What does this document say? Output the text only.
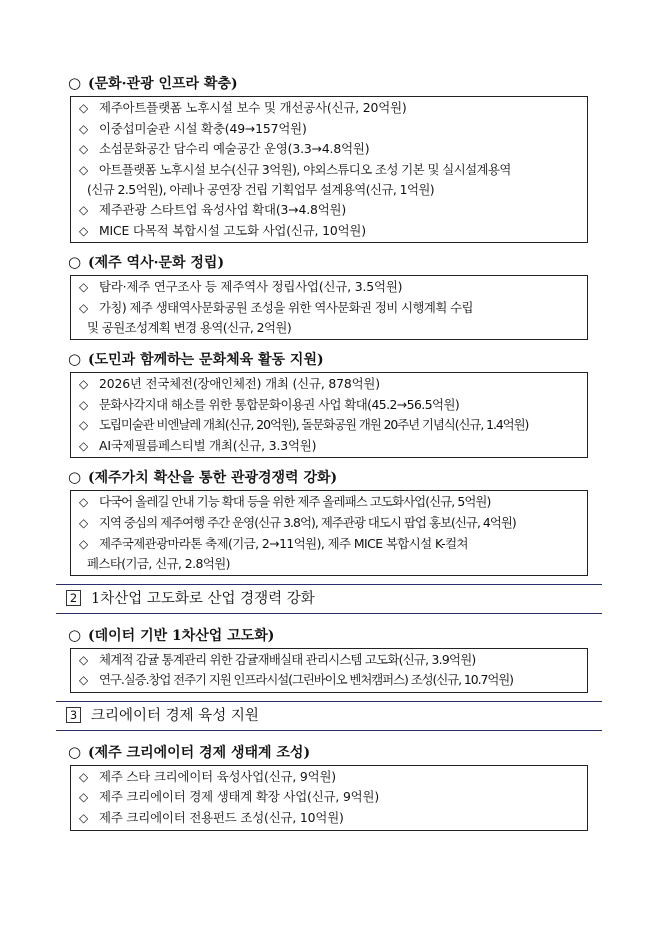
○ (문화·관광 인프라 확충)
◇ 제주아트플랫폼 노후시설 보수 및 개선공사(신규, 20억원)
◇ 이중섭미술관 시설 확충(49→157억원)
◇ 소섬문화공간 담수리 예술공간 운영(3.3→4.8억원)
◇ 아트플랫폼 노후시설 보수(신규 3억원), 야외스튜디오 조성 기본 및 실시설계용역
(신규 2.5억원), 아레나 공연장 건립 기획업무 설계용역(신규, 1억원)
◇ 제주관광 스타트업 육성사업 확대(3→4.8억원)
◇ MICE 다목적 복합시설 고도화 사업(신규, 10억원)
○ (제주 역사·문화 정립)
◇ 탐라·제주 연구조사 등 제주역사 정립사업(신규, 3.5억원)
◇ 가칭) 제주 생태역사문화공원 조성을 위한 역사문화권 정비 시행계획 수립
및 공원조성계획 변경 용역(신규, 2억원)
○ (도민과 함께하는 문화체육 활동 지원)
◇ 2026년 전국체전(장애인체전) 개최 (신규, 878억원)
◇ 문화사각지대 해소를 위한 통합문화이용권 사업 확대(45.2→56.5억원)
◇ 도립미술관 비엔날레 개최(신규, 20억원), 돌문화공원 개원 20주년 기념식(신규, 1.4억원)
◇ AI국제필름페스티벌 개최(신규, 3.3억원)
○ (제주가치 확산을 통한 관광경쟁력 강화)
◇ 다국어 올레길 안내 기능 확대 등을 위한 제주 올레패스 고도화사업(신규, 5억원)
◇ 지역 중심의 제주여행 주간 운영(신규 3.8억), 제주관광 대도시 팝업 홍보(신규, 4억원)
◇ 제주국제관광마라톤 축제(기금, 2→11억원), 제주 MICE 복합시설 K-컬쳐
페스타(기금, 신규, 2.8억원)
2 1차산업 고도화로 산업 경쟁력 강화
○ (데이터 기반 1차산업 고도화)
◇ 체계적 감귤 통계관리 위한 감귤재배실태 관리시스템 고도화(신규, 3.9억원)
◇ 연구.실증.창업 전주기 지원 인프라시설(그린바이오 벤처캠퍼스) 조성(신규, 10.7억원)
3 크리에이터 경제 육성 지원
○ (제주 크리에이터 경제 생태계 조성)
◇ 제주 스타 크리에이터 육성사업(신규, 9억원)
◇ 제주 크리에이터 경제 생태계 확장 사업(신규, 9억원)
◇ 제주 크리에이터 전용펀드 조성(신규, 10억원)
